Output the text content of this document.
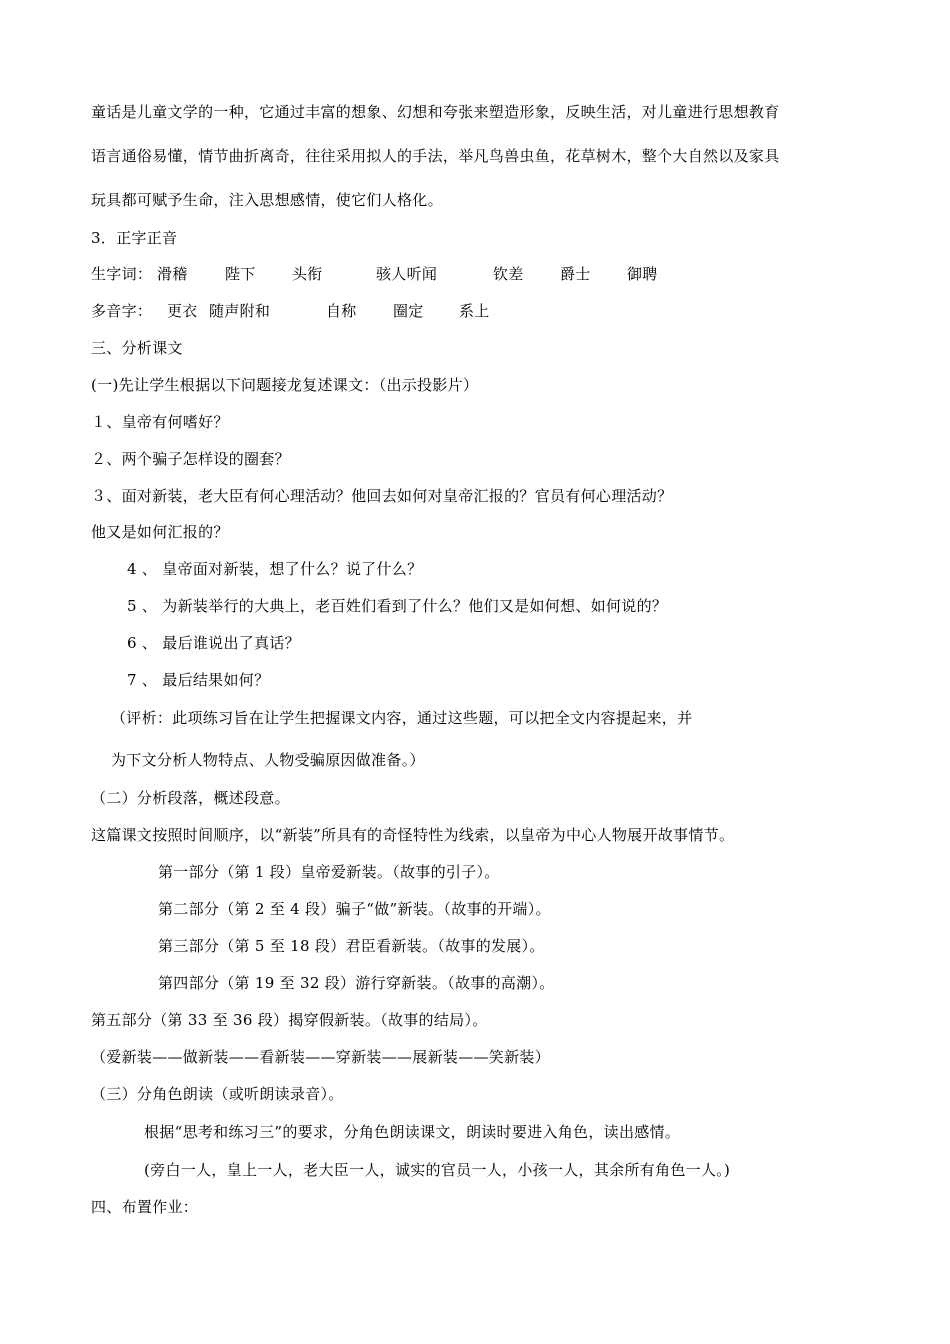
童话是儿童文学的一种，它通过丰富的想象、幻想和夸张来塑造形象，反映生活，对儿童进行思想教育
语言通俗易懂，情节曲折离奇，往往采用拟人的手法，举凡鸟兽虫鱼，花草树木，整个大自然以及家具
玩具都可赋予生命，注入思想感情，使它们人格化。
3．正字正音
生字词： 滑稽 陛下 头衔	骇人听闻	钦差 爵士 御聘
多音字： 更衣 随声附和	自称 圈定 系上
三、分析课文
(一)先让学生根据以下问题接龙复述课文：（出示投影片）
１、皇帝有何嗜好？
２、两个骗子怎样设的圈套？
３、面对新装，老大臣有何心理活动？他回去如何对皇帝汇报的？官员有何心理活动？
他又是如何汇报的？
4 、 皇帝面对新装，想了什么？说了什么？
5 、 为新装举行的大典上，老百姓们看到了什么？他们又是如何想、如何说的？
6 、 最后谁说出了真话？
7 、 最后结果如何？
（评析：此项练习旨在让学生把握课文内容，通过这些题，可以把全文内容提起来，并
为下文分析人物特点、人物受骗原因做准备。）
（二）分析段落，概述段意。
这篇课文按照时间顺序，以“新装”所具有的奇怪特性为线索，以皇帝为中心人物展开故事情节。
第一部分（第 1 段）皇帝爱新装。（故事的引子）。
第二部分（第 2 至 4 段）骗子“做”新装。（故事的开端）。
第三部分（第 5 至 18 段）君臣看新装。（故事的发展）。
第四部分（第 19 至 32 段）游行穿新装。（故事的高潮）。
第五部分（第 33 至 36 段）揭穿假新装。（故事的结局）。
（爱新装——做新装——看新装——穿新装——展新装——笑新装）
（三）分角色朗读（或听朗读录音）。
根据“思考和练习三”的要求，分角色朗读课文，朗读时要进入角色，读出感情。
(旁白一人，皇上一人，老大臣一人，诚实的官员一人，小孩一人，其余所有角色一人。)
四、布置作业：
